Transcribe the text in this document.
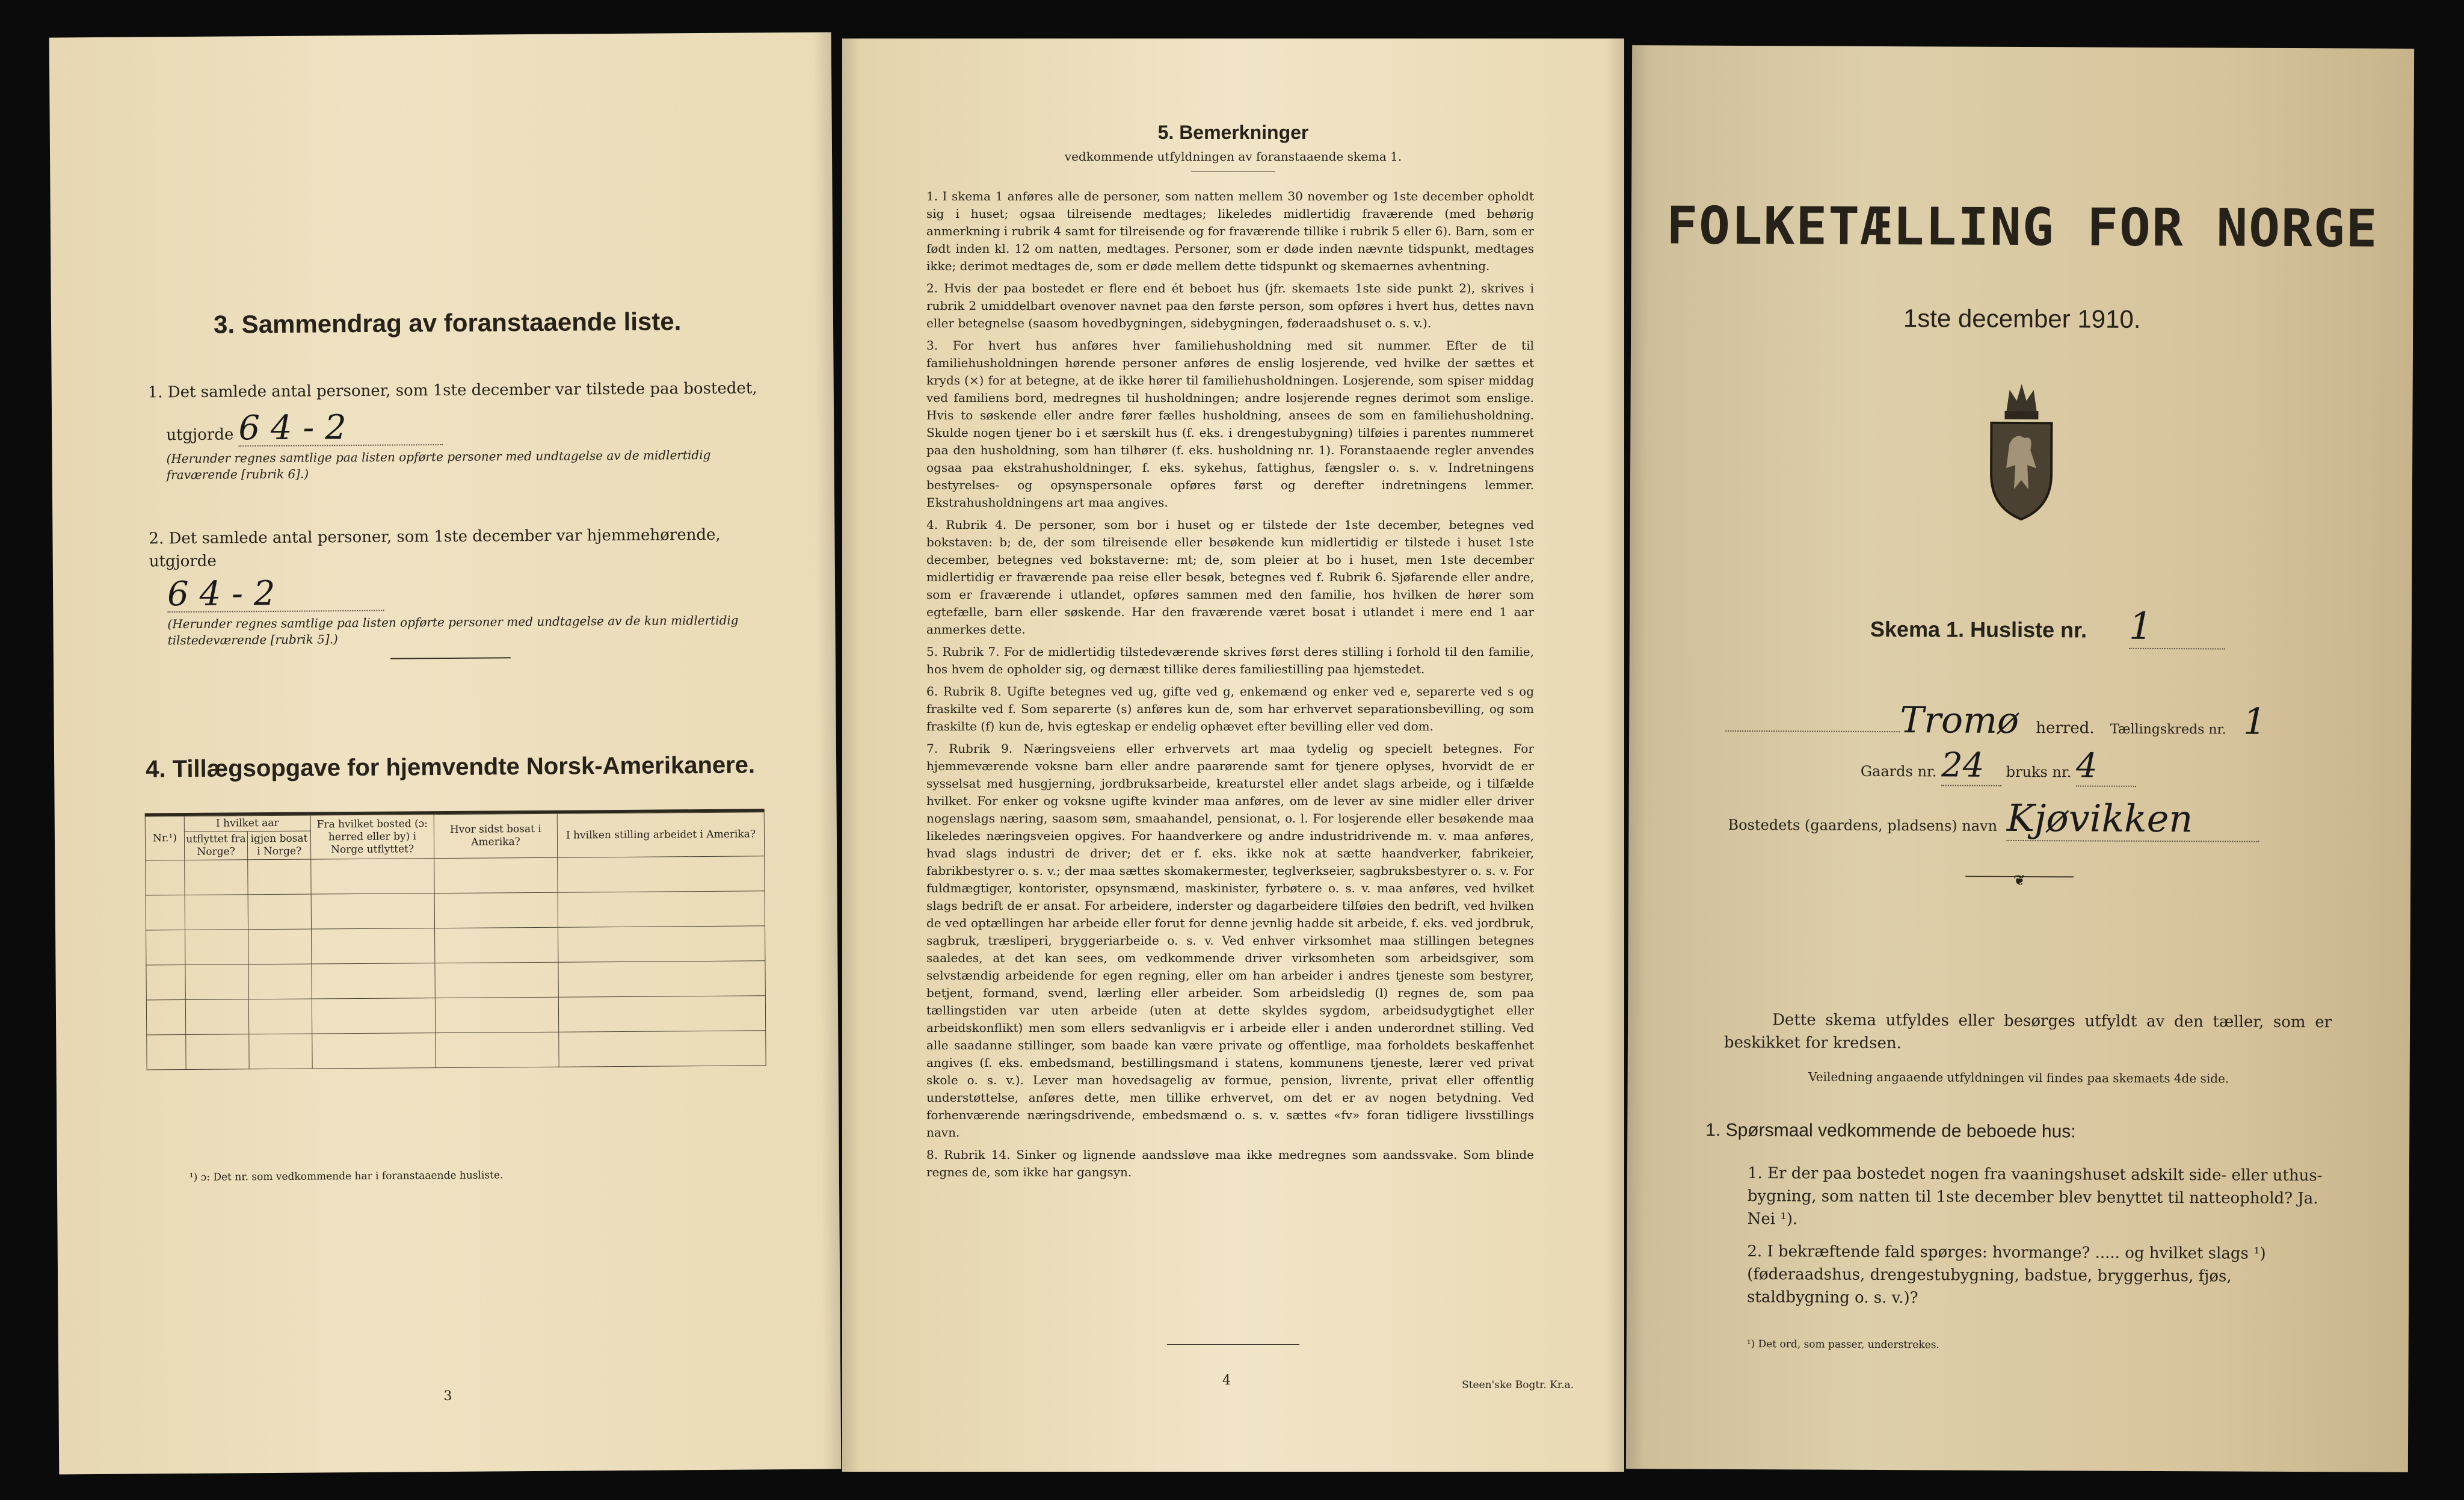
3. Sammendrag av foranstaaende liste.
1. Det samlede antal personer, som 1ste december var tilstede paa bostedet,
utgjorde 6 4 - 2
(Herunder regnes samtlige paa listen opførte personer med undtagelse av de midlertidig fraværende [rubrik 6].)
2. Det samlede antal personer, som 1ste december var hjemmehørende, utgjorde
6 4 - 2
(Herunder regnes samtlige paa listen opførte personer med undtagelse av de kun midlertidig tilstedeværende [rubrik 5].)
4. Tillægsopgave for hjemvendte Norsk-Amerikanere.
Nr.¹)	I hvilket aar		Fra hvilket bosted (ɔ: herred eller by) i Norge utflyttet?	Hvor sidst bosat i Amerika?	I hvilken stilling arbeidet i Amerika?
	utflyttet fra Norge?	igjen bosat i Norge?			

¹) ɔ: Det nr. som vedkommende har i foranstaaende husliste.
3
5. Bemerkninger
vedkommende utfyldningen av foranstaaende skema 1.

1. I skema 1 anføres alle de personer, som natten mellem 30 november og 1ste december opholdt sig i huset; ogsaa tilreisende medtages; likeledes midlertidig fraværende (med behørig anmerkning i rubrik 4 samt for tilreisende og for fraværende tillike i rubrik 5 eller 6). Barn, som er født inden kl. 12 om natten, medtages. Personer, som er døde inden nævnte tidspunkt, medtages ikke; derimot medtages de, som er døde mellem dette tidspunkt og skemaernes avhentning.

2. Hvis der paa bostedet er flere end ét beboet hus (jfr. skemaets 1ste side punkt 2), skrives i rubrik 2 umiddelbart ovenover navnet paa den første person, som opføres i hvert hus, dettes navn eller betegnelse (saasom hovedbygningen, sidebygningen, føderaadshuset o. s. v.).

3. For hvert hus anføres hver familiehusholdning med sit nummer. Efter de til familiehusholdningen hørende personer anføres de enslig losjerende, ved hvilke der sættes et kryds (×) for at betegne, at de ikke hører til familiehusholdningen. Losjerende, som spiser middag ved familiens bord, medregnes til husholdningen; andre losjerende regnes derimot som enslige. Hvis to søskende eller andre fører fælles husholdning, ansees de som en familiehusholdning. Skulde nogen tjener bo i et særskilt hus (f. eks. i drengestubygning) tilføies i parentes nummeret paa den husholdning, som han tilhører (f. eks. husholdning nr. 1). Foranstaaende regler anvendes ogsaa paa ekstrahusholdninger, f. eks. sykehus, fattighus, fængsler o. s. v. Indretningens bestyrelses- og opsynspersonale opføres først og derefter indretningens lemmer. Ekstrahusholdningens art maa angives.

4. Rubrik 4. De personer, som bor i huset og er tilstede der 1ste december, betegnes ved bokstaven: b; de, der som tilreisende eller besøkende kun midlertidig er tilstede i huset 1ste december, betegnes ved bokstaverne: mt; de, som pleier at bo i huset, men 1ste december midlertidig er fraværende paa reise eller besøk, betegnes ved f. Rubrik 6. Sjøfarende eller andre, som er fraværende i utlandet, opføres sammen med den familie, hos hvilken de hører som egtefælle, barn eller søskende. Har den fraværende været bosat i utlandet i mere end 1 aar anmerkes dette.

5. Rubrik 7. For de midlertidig tilstedeværende skrives først deres stilling i forhold til den familie, hos hvem de opholder sig, og dernæst tillike deres familiestilling paa hjemstedet.

6. Rubrik 8. Ugifte betegnes ved ug, gifte ved g, enkemænd og enker ved e, separerte ved s og fraskilte ved f. Som separerte (s) anføres kun de, som har erhvervet separationsbevilling, og som fraskilte (f) kun de, hvis egteskap er endelig ophævet efter bevilling eller ved dom.

7. Rubrik 9. Næringsveiens eller erhvervets art maa tydelig og specielt betegnes. For hjemmeværende voksne barn eller andre paarørende samt for tjenere oplyses, hvorvidt de er sysselsat med husgjerning, jordbruksarbeide, kreaturstel eller andet slags arbeide, og i tilfælde hvilket. For enker og voksne ugifte kvinder maa anføres, om de lever av sine midler eller driver nogenslags næring, saasom søm, smaahandel, pensionat, o. l. For losjerende eller besøkende maa likeledes næringsveien opgives. For haandverkere og andre industridrivende m. v. maa anføres, hvad slags industri de driver; det er f. eks. ikke nok at sætte haandverker, fabrikeier, fabrikbestyrer o. s. v.; der maa sættes skomakermester, teglverkseier, sagbruksbestyrer o. s. v. For fuldmægtiger, kontorister, opsynsmænd, maskinister, fyrbøtere o. s. v. maa anføres, ved hvilket slags bedrift de er ansat. For arbeidere, inderster og dagarbeidere tilføies den bedrift, ved hvilken de ved optællingen har arbeide eller forut for denne jevnlig hadde sit arbeide, f. eks. ved jordbruk, sagbruk, træsliperi, bryggeriarbeide o. s. v. Ved enhver virksomhet maa stillingen betegnes saaledes, at det kan sees, om vedkommende driver virksomheten som arbeidsgiver, som selvstændig arbeidende for egen regning, eller om han arbeider i andres tjeneste som bestyrer, betjent, formand, svend, lærling eller arbeider. Som arbeidsledig (l) regnes de, som paa tællingstiden var uten arbeide (uten at dette skyldes sygdom, arbeidsudygtighet eller arbeidskonflikt) men som ellers sedvanligvis er i arbeide eller i anden underordnet stilling. Ved alle saadanne stillinger, som baade kan være private og offentlige, maa forholdets beskaffenhet angives (f. eks. embedsmand, bestillingsmand i statens, kommunens tjeneste, lærer ved privat skole o. s. v.). Lever man hovedsagelig av formue, pension, livrente, privat eller offentlig understøttelse, anføres dette, men tillike erhvervet, om det er av nogen betydning. Ved forhenværende næringsdrivende, embedsmænd o. s. v. sættes «fv» foran tidligere livsstillings navn.

8. Rubrik 14. Sinker og lignende aandssløve maa ikke medregnes som aandssvake. Som blinde regnes de, som ikke har gangsyn.

4	Steen'ske Bogtr. Kr.a.
FOLKETÆLLING FOR NORGE
1ste december 1910.
Skema 1. Husliste nr. 1
Tromø herred. Tællingskreds nr. 1
Gaards nr. 24 bruks nr. 4
Bostedets (gaardens, pladsens) navn Kjøvikken
❦
Dette skema utfyldes eller besørges utfyldt av den tæller, som er beskikket for kredsen.
Veiledning angaaende utfyldningen vil findes paa skemaets 4de side.
1. Spørsmaal vedkommende de beboede hus:
1. Er der paa bostedet nogen fra vaaningshuset adskilt side- eller uthus-bygning, som natten til 1ste december blev benyttet til natteophold? Ja. Nei ¹).
2. I bekræftende fald spørges: hvormange? ..... og hvilket slags ¹) (føderaadshus, drengestubygning, badstue, bryggerhus, fjøs, staldbygning o. s. v.)?
¹) Det ord, som passer, understrekes.
